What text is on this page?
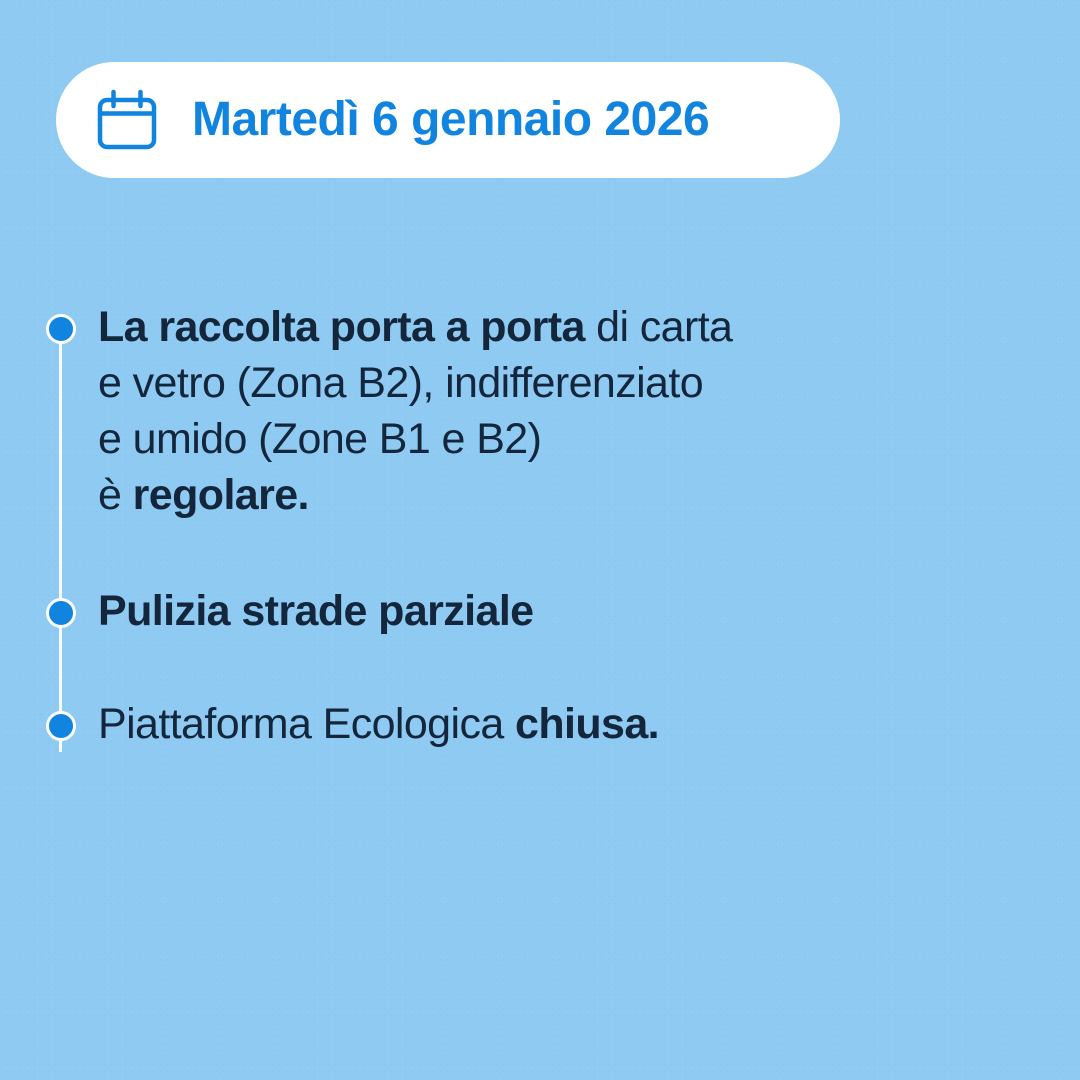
Martedì 6 gennaio 2026
La raccolta porta a porta di carta
e vetro (Zona B2), indifferenziato
e umido (Zone B1 e B2)
è regolare.
Pulizia strade parziale
Piattaforma Ecologica chiusa.
